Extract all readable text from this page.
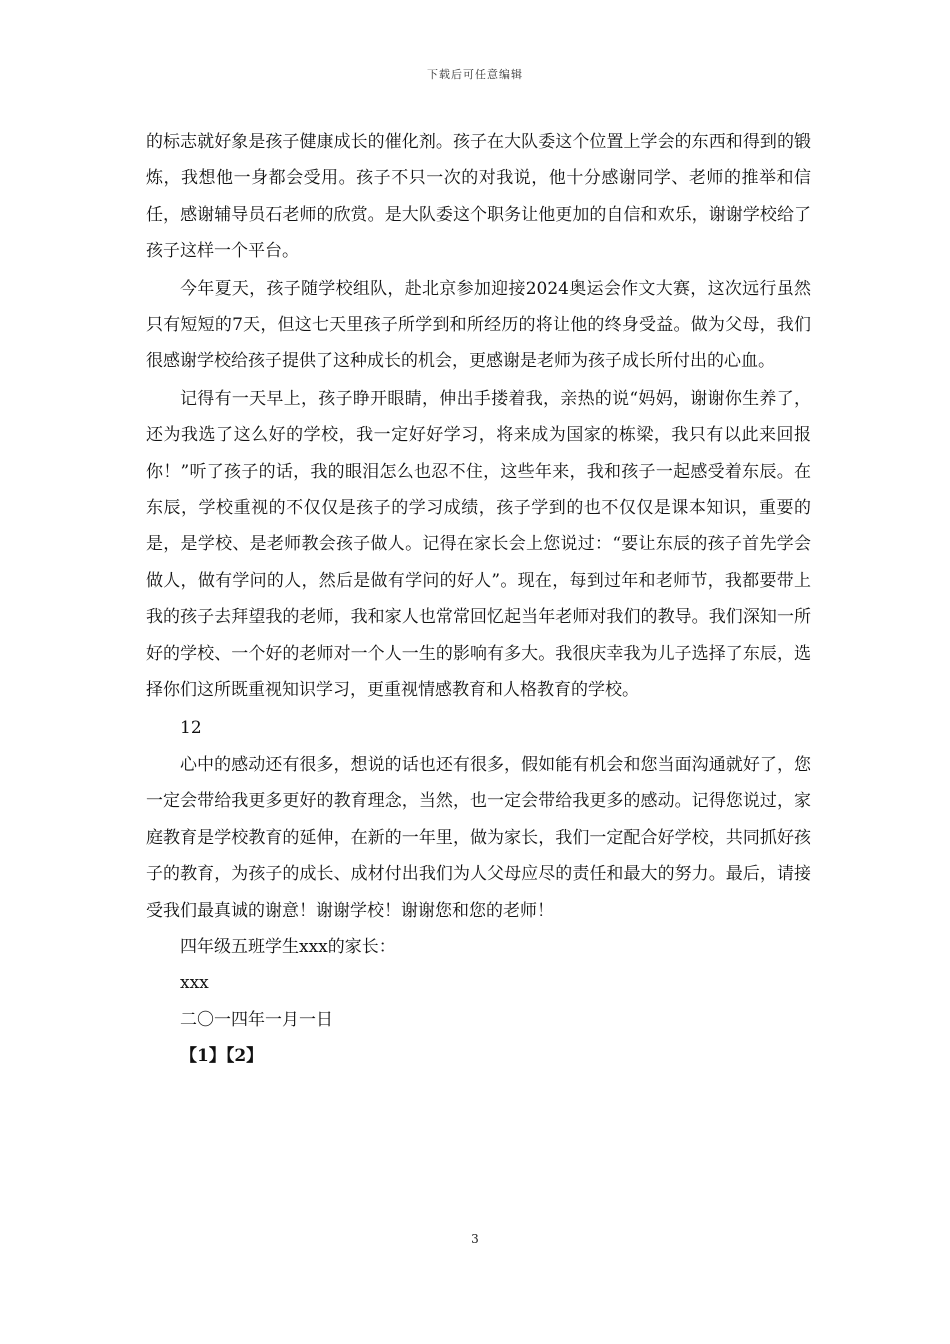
下载后可任意编辑

的标志就好象是孩子健康成长的催化剂。孩子在大队委这个位置上学会的东西和得到的锻炼，我想他一身都会受用。孩子不只一次的对我说，他十分感谢同学、老师的推举和信任，感谢辅导员石老师的欣赏。是大队委这个职务让他更加的自信和欢乐，谢谢学校给了孩子这样一个平台。

今年夏天，孩子随学校组队，赴北京参加迎接2024奥运会作文大赛，这次远行虽然只有短短的7天，但这七天里孩子所学到和所经历的将让他的终身受益。做为父母，我们很感谢学校给孩子提供了这种成长的机会，更感谢是老师为孩子成长所付出的心血。

记得有一天早上，孩子睁开眼睛，伸出手搂着我，亲热的说“妈妈，谢谢你生养了，还为我选了这么好的学校，我一定好好学习，将来成为国家的栋梁，我只有以此来回报你！”听了孩子的话，我的眼泪怎么也忍不住，这些年来，我和孩子一起感受着东辰。在东辰，学校重视的不仅仅是孩子的学习成绩，孩子学到的也不仅仅是课本知识，重要的是，是学校、是老师教会孩子做人。记得在家长会上您说过：“要让东辰的孩子首先学会做人，做有学问的人，然后是做有学问的好人”。现在，每到过年和老师节，我都要带上我的孩子去拜望我的老师，我和家人也常常回忆起当年老师对我们的教导。我们深知一所好的学校、一个好的老师对一个人一生的影响有多大。我很庆幸我为儿子选择了东辰，选择你们这所既重视知识学习，更重视情感教育和人格教育的学校。

12

心中的感动还有很多，想说的话也还有很多，假如能有机会和您当面沟通就好了，您一定会带给我更多更好的教育理念，当然，也一定会带给我更多的感动。记得您说过，家庭教育是学校教育的延伸，在新的一年里，做为家长，我们一定配合好学校，共同抓好孩子的教育，为孩子的成长、成材付出我们为人父母应尽的责任和最大的努力。最后，请接受我们最真诚的谢意！谢谢学校！谢谢您和您的老师！

四年级五班学生xxx的家长：
xxx
二〇一四年一月一日
【1】【2】
3
